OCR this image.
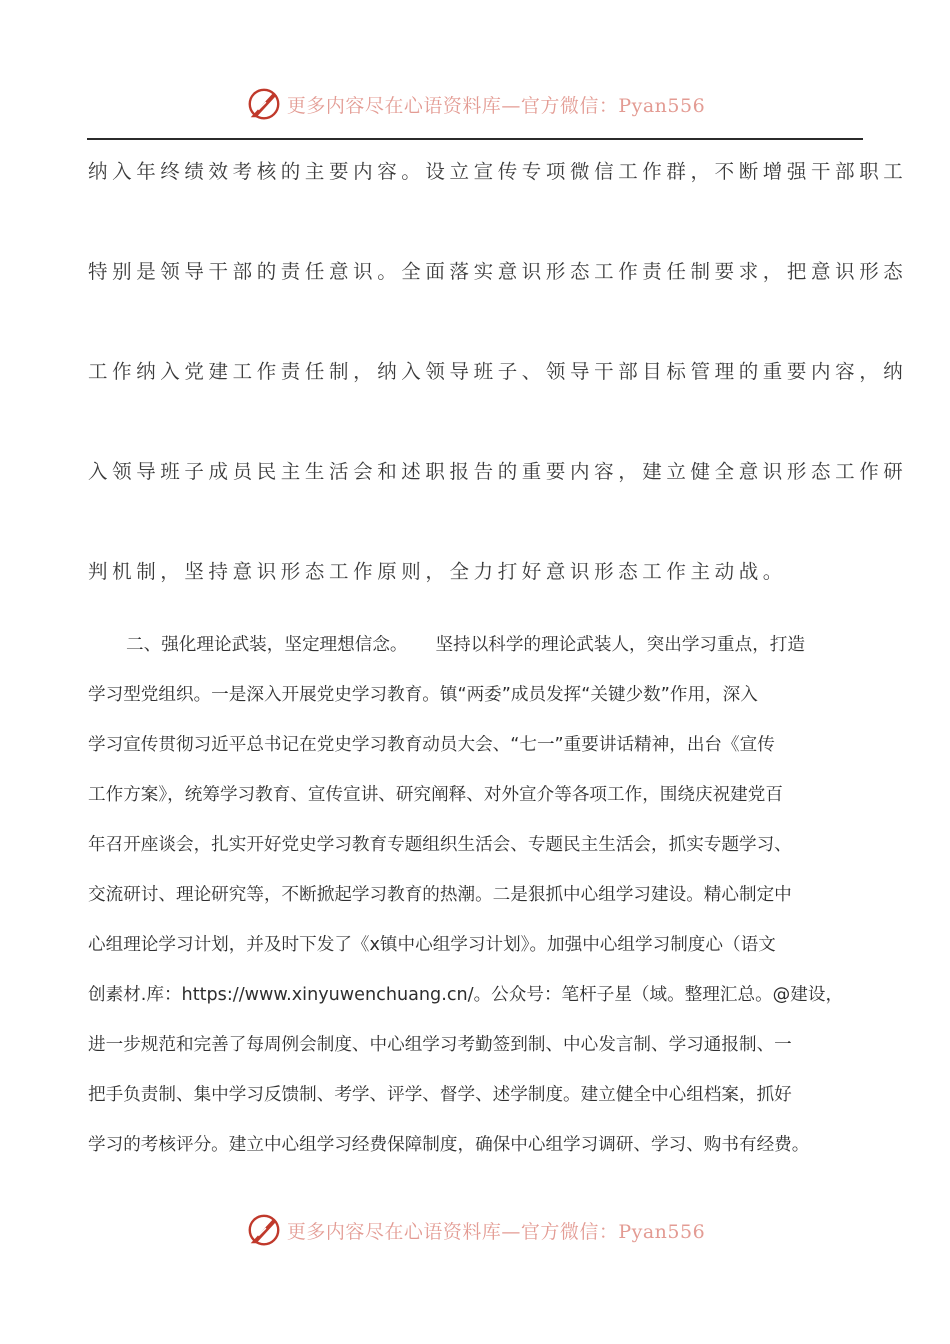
更多内容尽在心语资料库—官方微信：Pyan556
纳入年终绩效考核的主要内容。设立宣传专项微信工作群，不断增强干部职工
特别是领导干部的责任意识。全面落实意识形态工作责任制要求，把意识形态
工作纳入党建工作责任制，纳入领导班子、领导干部目标管理的重要内容，纳
入领导班子成员民主生活会和述职报告的重要内容，建立健全意识形态工作研
判机制，坚持意识形态工作原则，全力打好意识形态工作主动战。
二、强化理论武装，坚定理想信念。 坚持以科学的理论武装人，突出学习重点，打造
学习型党组织。一是深入开展党史学习教育。镇“两委”成员发挥“关键少数”作用，深入
学习宣传贯彻习近平总书记在党史学习教育动员大会、“七一”重要讲话精神，出台《宣传
工作方案》，统筹学习教育、宣传宣讲、研究阐释、对外宣介等各项工作，围绕庆祝建党百
年召开座谈会，扎实开好党史学习教育专题组织生活会、专题民主生活会，抓实专题学习、
交流研讨、理论研究等，不断掀起学习教育的热潮。二是狠抓中心组学习建设。精心制定中
心组理论学习计划，并及时下发了《x镇中心组学习计划》。加强中心组学习制度心（语文
创素材.库：https://www.xinyuwenchuang.cn/。公众号：笔杆子星（域。整理汇总。@建设，
进一步规范和完善了每周例会制度、中心组学习考勤签到制、中心发言制、学习通报制、一
把手负责制、集中学习反馈制、考学、评学、督学、述学制度。建立健全中心组档案，抓好
学习的考核评分。建立中心组学习经费保障制度，确保中心组学习调研、学习、购书有经费。
更多内容尽在心语资料库—官方微信：Pyan556
